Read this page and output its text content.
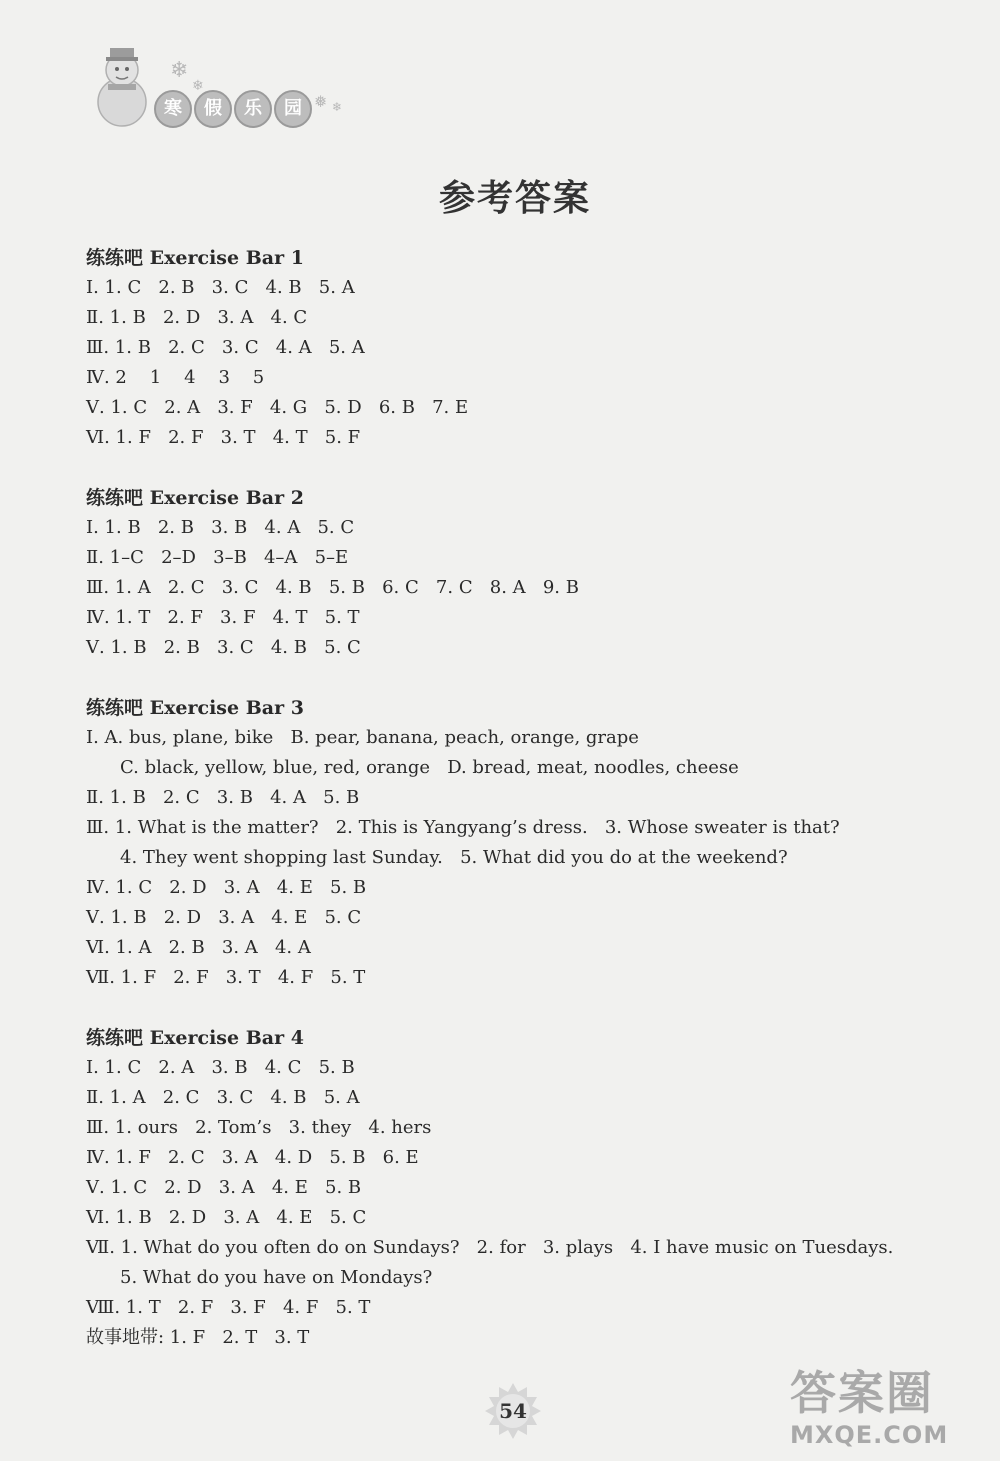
寒	假	乐	园
❄
❄
❅ ❄
参考答案
练练吧 Exercise Bar 1
Ⅰ. 1. C   2. B   3. C   4. B   5. A
Ⅱ. 1. B   2. D   3. A   4. C
Ⅲ. 1. B   2. C   3. C   4. A   5. A
Ⅳ. 2    1    4    3    5
Ⅴ. 1. C   2. A   3. F   4. G   5. D   6. B   7. E
Ⅵ. 1. F   2. F   3. T   4. T   5. F
练练吧 Exercise Bar 2
Ⅰ. 1. B   2. B   3. B   4. A   5. C
Ⅱ. 1–C   2–D   3–B   4–A   5–E
Ⅲ. 1. A   2. C   3. C   4. B   5. B   6. C   7. C   8. A   9. B
Ⅳ. 1. T   2. F   3. F   4. T   5. T
Ⅴ. 1. B   2. B   3. C   4. B   5. C
练练吧 Exercise Bar 3
Ⅰ. A. bus, plane, bike   B. pear, banana, peach, orange, grape
C. black, yellow, blue, red, orange   D. bread, meat, noodles, cheese
Ⅱ. 1. B   2. C   3. B   4. A   5. B
Ⅲ. 1. What is the matter?   2. This is Yangyang’s dress.   3. Whose sweater is that?
4. They went shopping last Sunday.   5. What did you do at the weekend?
Ⅳ. 1. C   2. D   3. A   4. E   5. B
Ⅴ. 1. B   2. D   3. A   4. E   5. C
Ⅵ. 1. A   2. B   3. A   4. A
Ⅶ. 1. F   2. F   3. T   4. F   5. T
练练吧 Exercise Bar 4
Ⅰ. 1. C   2. A   3. B   4. C   5. B
Ⅱ. 1. A   2. C   3. C   4. B   5. A
Ⅲ. 1. ours   2. Tom’s   3. they   4. hers
Ⅳ. 1. F   2. C   3. A   4. D   5. B   6. E
Ⅴ. 1. C   2. D   3. A   4. E   5. B
Ⅵ. 1. B   2. D   3. A   4. E   5. C
Ⅶ. 1. What do you often do on Sundays?   2. for   3. plays   4. I have music on Tuesdays.
5. What do you have on Mondays?
Ⅷ. 1. T   2. F   3. F   4. F   5. T
故事地带: 1. F   2. T   3. T
54	答案圈
MXQE.COM
